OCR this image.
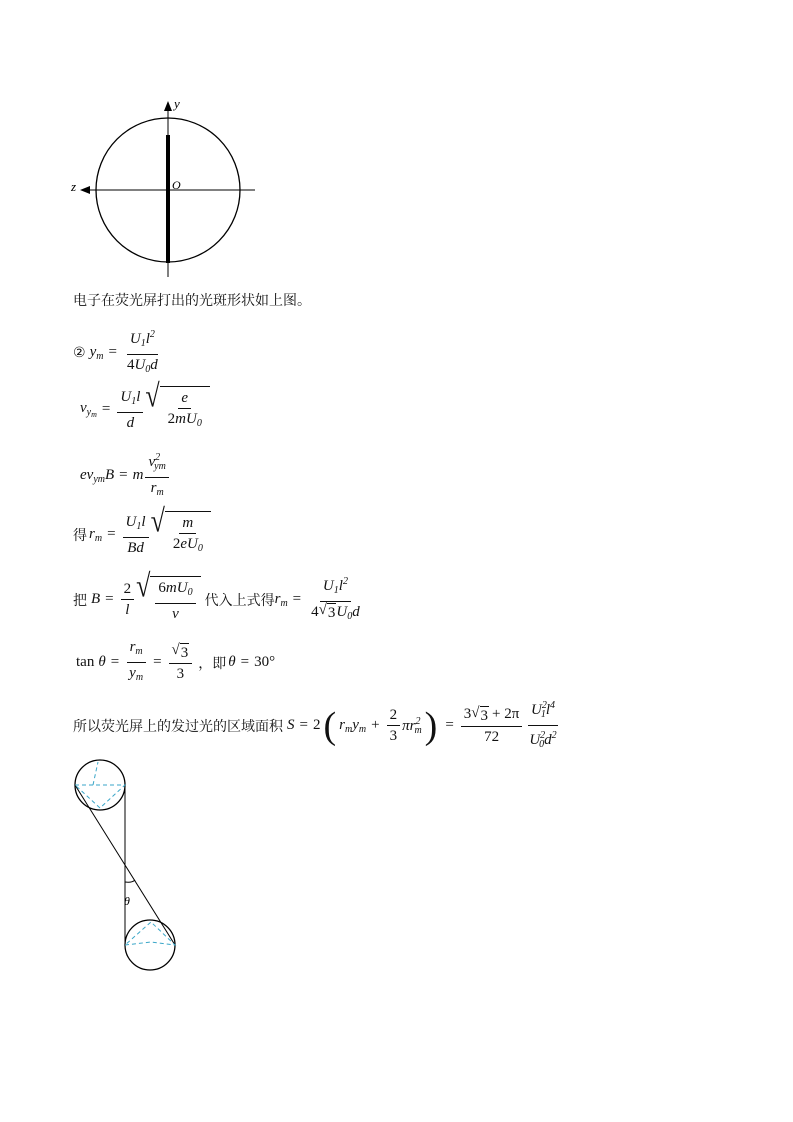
y
z	O
电子在荧光屏打出的光斑形状如上图。
② $y_m = \frac{U_1l^2}{4U_0d}$
$v_{y_m} = \frac{U_1l}{d}$ √ $\frac{e}{2mU_0}$
$ev_{ym}B = m \frac{v^2_{ym}}{r_m}$
得 $r_m = \frac{U_1l}{Bd}$ √ $\frac{m}{2eU_0}$
把 $B = \frac{2}{l}$ √ $\frac{6mU_0}{v}$ 代入上式得 $r_m = \frac{U_1l^2}{4 √ 3 U_0d}$
$\tan \theta = \frac{r_m}{y_m} = \frac{√ 3}{3}$ ，即 θ = 30°
所以荧光屏上的发过光的区域面积 S = 2 ( $r_my_m + \frac{2}{3} \pi r^2_m$ ) = $\frac{3 √ 3 + 2\pi}{72} \frac{U^2_1l^4}{U^2_0d^2}$
θ
